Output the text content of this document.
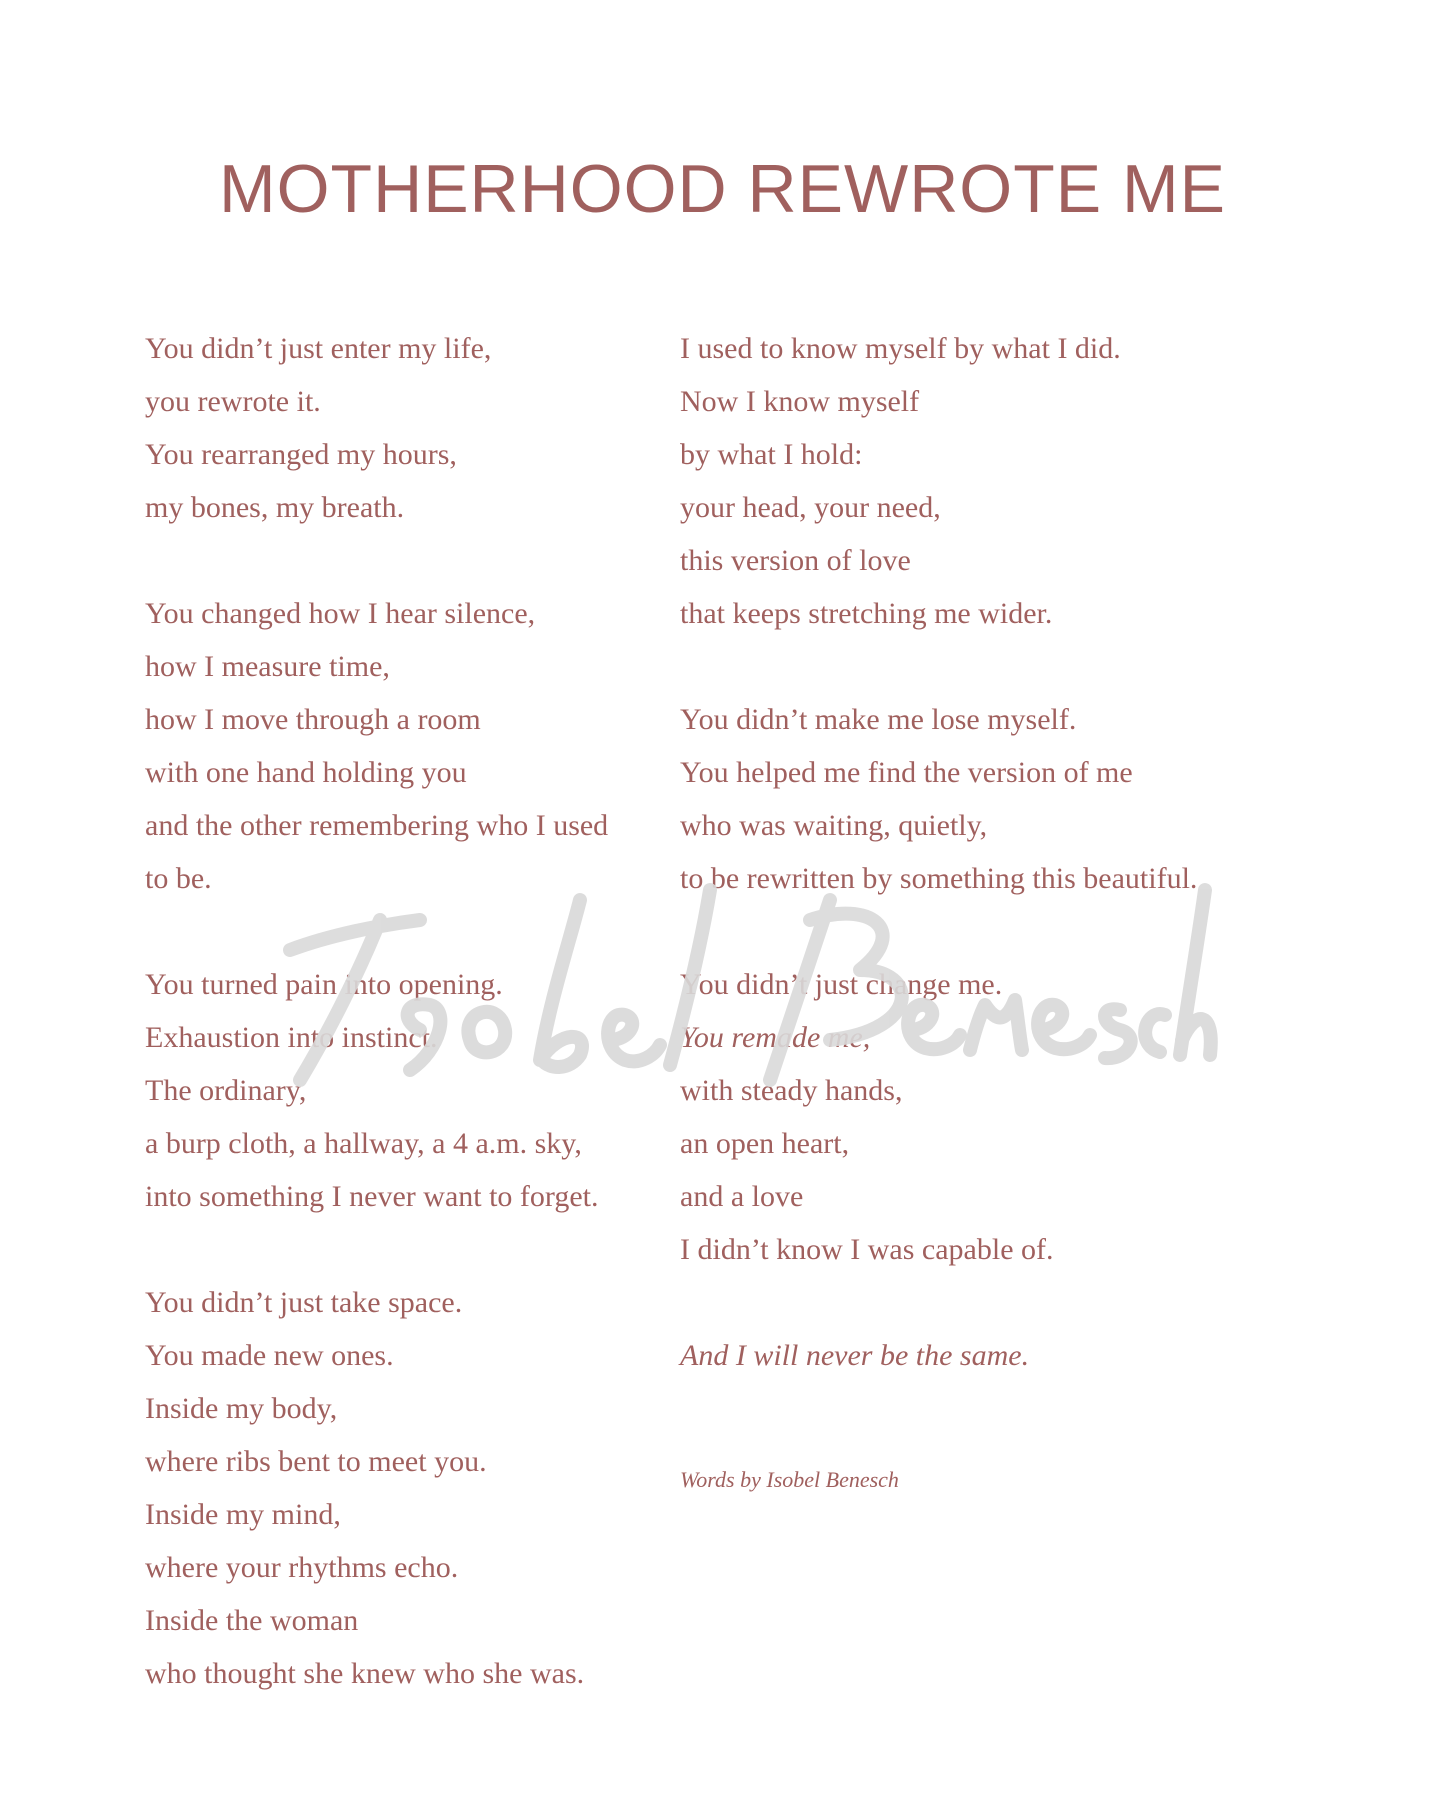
MOTHERHOOD REWROTE ME
You didn’t just enter my life,
you rewrote it.
You rearranged my hours,
my bones, my breath.
You changed how I hear silence,
how I measure time,
how I move through a room
with one hand holding you
and the other remembering who I used
to be.
You turned pain into opening.
Exhaustion into instinct.
The ordinary,
a burp cloth, a hallway, a 4 a.m. sky,
into something I never want to forget.
You didn’t just take space.
You made new ones.
Inside my body,
where ribs bent to meet you.
Inside my mind,
where your rhythms echo.
Inside the woman
who thought she knew who she was.
I used to know myself by what I did.
Now I know myself
by what I hold:
your head, your need,
this version of love
that keeps stretching me wider.
You didn’t make me lose myself.
You helped me find the version of me
who was waiting, quietly,
to be rewritten by something this beautiful.
You didn’t just change me.
You remade me,
with steady hands,
an open heart,
and a love
I didn’t know I was capable of.
And I will never be the same.
Words by Isobel Benesch
